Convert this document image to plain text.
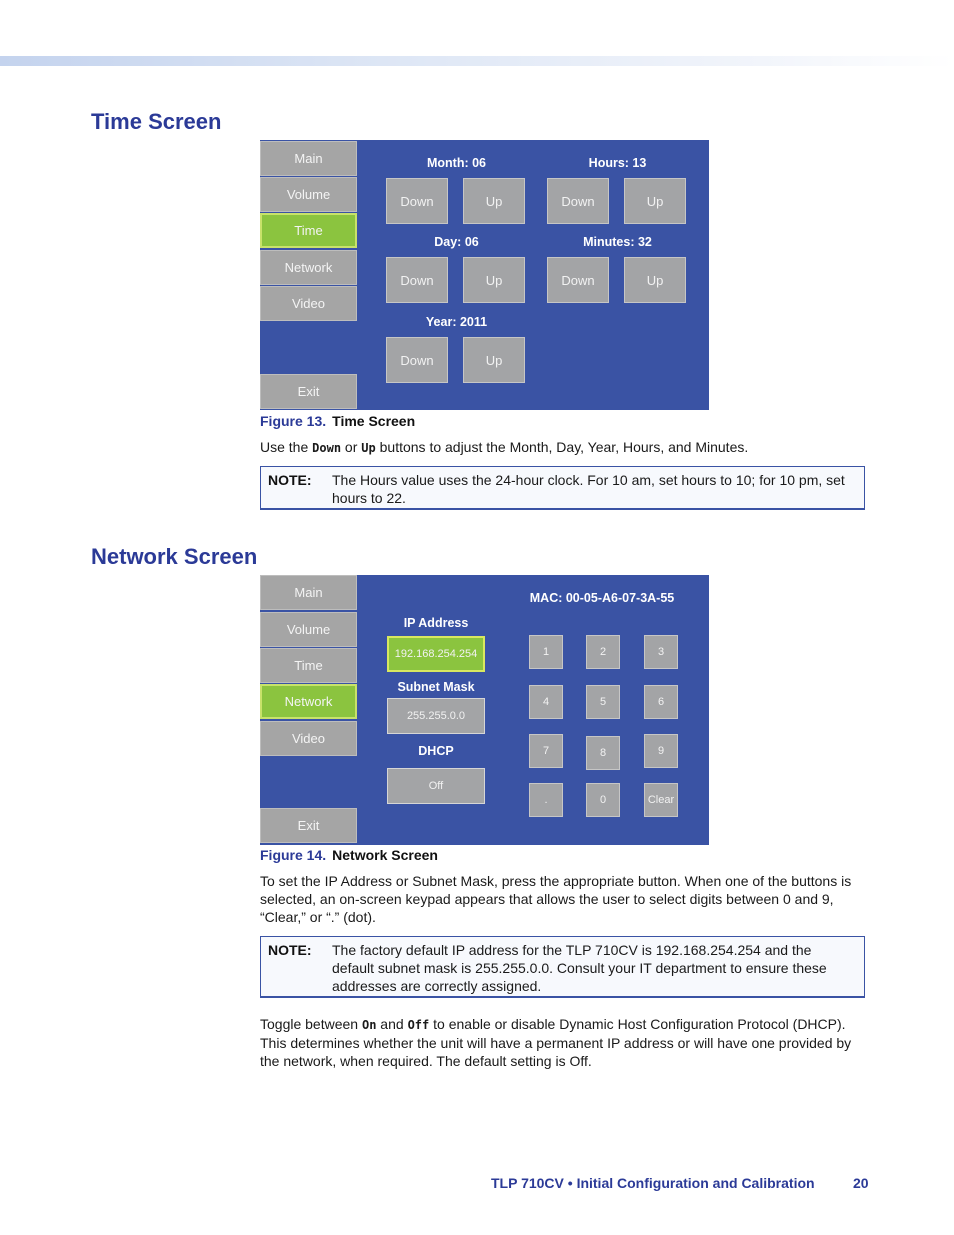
Time Screen
Main
Volume
Time
Network
Video
Exit
Month: 06	Hours: 13
Down	Up	Down	Up
Day: 06	Minutes: 32
Down	Up	Down	Up
Year: 2011
Down	Up
Figure 13. Time Screen

Use the Down or Up buttons to adjust the Month, Day, Year, Hours, and Minutes.

NOTE: The Hours value uses the 24-hour clock. For 10 am, set hours to 10; for 10 pm, set hours to 22.
Network Screen
Main
Volume
Time
Network
Video
Exit
MAC: 00-05-A6-07-3A-55
IP Address
192.168.254.254
Subnet Mask
255.255.0.0
DHCP
Off
1	2	3
4	5	6
7	8	9
.	0	Clear
Figure 14. Network Screen

To set the IP Address or Subnet Mask, press the appropriate button. When one of the buttons is selected, an on-screen keypad appears that allows the user to select digits between 0 and 9, “Clear,” or “.” (dot).

NOTE: The factory default IP address for the TLP 710CV is 192.168.254.254 and the default subnet mask is 255.255.0.0. Consult your IT department to ensure these addresses are correctly assigned.

Toggle between On and Off to enable or disable Dynamic Host Configuration Protocol (DHCP). This determines whether the unit will have a permanent IP address or will have one provided by the network, when required. The default setting is Off.

TLP 710CV • Initial Configuration and Calibration	20
